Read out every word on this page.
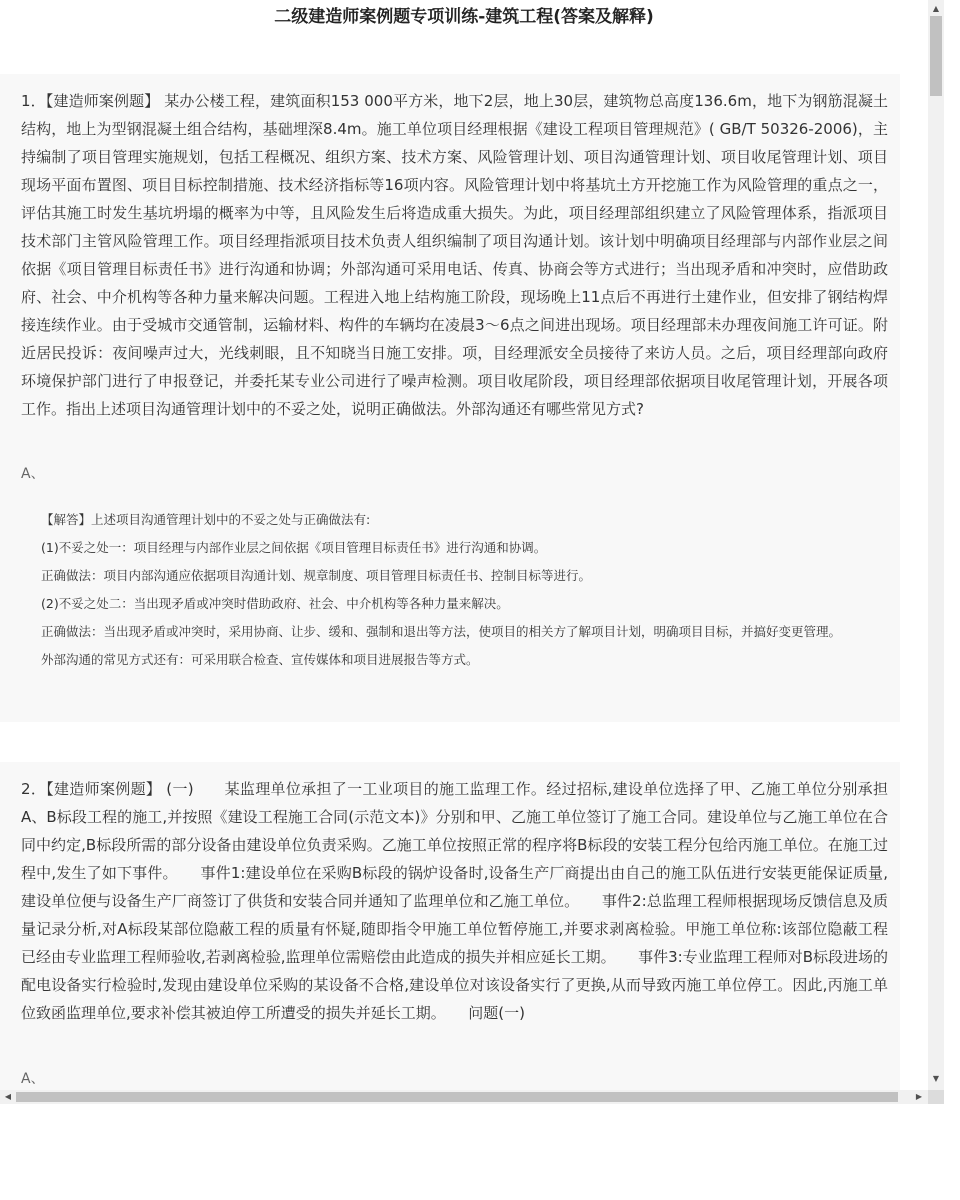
二级建造师案例题专项训练-建筑工程(答案及解释)
1．【建造师案例题】 某办公楼工程，建筑面积153 000平方米，地下2层，地上30层，建筑物总高度136.6m，地下为钢筋混凝土结构，地上为型钢混凝土组合结构，基础埋深8.4m。施工单位项目经理根据《建设工程项目管理规范》( GB/T 50326-2006)，主持编制了项目管理实施规划，包括工程概况、组织方案、技术方案、风险管理计划、项目沟通管理计划、项目收尾管理计划、项目现场平面布置图、项目目标控制措施、技术经济指标等16项内容。风险管理计划中将基坑土方开挖施工作为风险管理的重点之一，评估其施工时发生基坑坍塌的概率为中等，且风险发生后将造成重大损失。为此，项目经理部组织建立了风险管理体系，指派项目技术部门主管风险管理工作。项目经理指派项目技术负责人组织编制了项目沟通计划。该计划中明确项目经理部与内部作业层之间依据《项目管理目标责任书》进行沟通和协调；外部沟通可采用电话、传真、协商会等方式进行；当出现矛盾和冲突时，应借助政府、社会、中介机构等各种力量来解决问题。工程进入地上结构施工阶段，现场晚上11点后不再进行土建作业，但安排了钢结构焊接连续作业。由于受城市交通管制，运输材料、构件的车辆均在凌晨3～6点之间进出现场。项目经理部未办理夜间施工许可证。附近居民投诉：夜间噪声过大，光线刺眼，且不知晓当日施工安排。项，目经理派安全员接待了来访人员。之后，项目经理部向政府环境保护部门进行了申报登记，并委托某专业公司进行了噪声检测。项目收尾阶段，项目经理部依据项目收尾管理计划，开展各项工作。指出上述项目沟通管理计划中的不妥之处，说明正确做法。外部沟通还有哪些常见方式?
A、

【解答】上述项目沟通管理计划中的不妥之处与正确做法有:

(1)不妥之处一：项目经理与内部作业层之间依据《项目管理目标责任书》进行沟通和协调。

正确做法：项目内部沟通应依据项目沟通计划、规章制度、项目管理目标责任书、控制目标等进行。

(2)不妥之处二：当出现矛盾或冲突时借助政府、社会、中介机构等各种力量来解决。

正确做法：当出现矛盾或冲突时，采用协商、让步、缓和、强制和退出等方法，使项目的相关方了解项目计划，明确项目目标，并搞好变更管理。

外部沟通的常见方式还有：可采用联合检查、宣传媒体和项目进展报告等方式。

2．【建造师案例题】 (一)　　某监理单位承担了一工业项目的施工监理工作。经过招标,建设单位选择了甲、乙施工单位分别承担A、B标段工程的施工,并按照《建设工程施工合同(示范文本)》分别和甲、乙施工单位签订了施工合同。建设单位与乙施工单位在合同中约定,B标段所需的部分设备由建设单位负责采购。乙施工单位按照正常的程序将B标段的安装工程分包给丙施工单位。在施工过程中,发生了如下事件。　　事件1:建设单位在采购B标段的锅炉设备时,设备生产厂商提出由自己的施工队伍进行安装更能保证质量,建设单位便与设备生产厂商签订了供货和安装合同并通知了监理单位和乙施工单位。　　事件2:总监理工程师根据现场反馈信息及质量记录分析,对A标段某部位隐蔽工程的质量有怀疑,随即指令甲施工单位暂停施工,并要求剥离检验。甲施工单位称:该部位隐蔽工程已经由专业监理工程师验收,若剥离检验,监理单位需赔偿由此造成的损失并相应延长工期。　　事件3:专业监理工程师对B标段进场的配电设备实行检验时,发现由建设单位采购的某设备不合格,建设单位对该设备实行了更换,从而导致丙施工单位停工。因此,丙施工单位致函监理单位,要求补偿其被迫停工所遭受的损失并延长工期。　　问题(一)
A、
▲
▼
◀	▶
